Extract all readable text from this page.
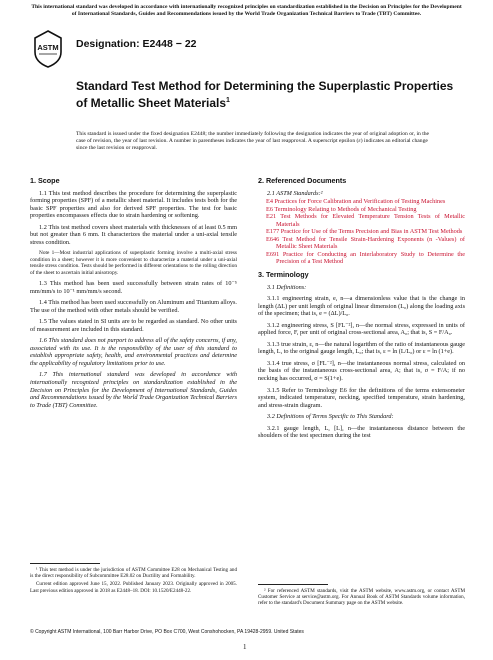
This international standard was developed in accordance with internationally recognized principles on standardization established in the Decision on Principles for the Development of International Standards, Guides and Recommendations issued by the World Trade Organization Technical Barriers to Trade (TBT) Committee.
ASTM Designation: E2448 − 22
Standard Test Method for Determining the Superplastic Properties of Metallic Sheet Materials$^1$
This standard is issued under the fixed designation E2448; the number immediately following the designation indicates the year of original adoption or, in the case of revision, the year of last revision. A number in parentheses indicates the year of last reapproval. A superscript epsilon (ε) indicates an editorial change since the last revision or reapproval.
1. Scope

1.1 This test method describes the procedure for determining the superplastic forming properties (SPF) of a metallic sheet material. It includes tests both for the basic SPF properties and also for derived SPF properties. The test for basic properties encompasses effects due to strain hardening or softening.

1.2 This test method covers sheet materials with thicknesses of at least 0.5 mm but not greater than 6 mm. It characterizes the material under a uni-axial tensile stress condition.

Note 1—Most industrial applications of superplastic forming involve a multi-axial stress condition in a sheet; however it is more convenient to characterize a material under a uni-axial tensile stress condition. Tests should be performed in different orientations to the rolling direction of the sheet to ascertain initial anisotropy.

1.3 This method has been used successfully between strain rates of 10⁻⁵ mm/mm/s to 10⁻¹ mm/mm/s second.

1.4 This method has been used successfully on Aluminum and Titanium alloys. The use of the method with other metals should be verified.

1.5 The values stated in SI units are to be regarded as standard. No other units of measurement are included in this standard.

1.6 This standard does not purport to address all of the safety concerns, if any, associated with its use. It is the responsibility of the user of this standard to establish appropriate safety, health, and environmental practices and determine the applicability of regulatory limitations prior to use.

1.7 This international standard was developed in accordance with internationally recognized principles on standardization established in the Decision on Principles for the Development of International Standards, Guides and Recommendations issued by the World Trade Organization Technical Barriers to Trade (TBT) Committee.

¹ This test method is under the jurisdiction of ASTM Committee E28 on Mechanical Testing and is the direct responsibility of Subcommittee E28.02 on Ductility and Formability.

Current edition approved June 15, 2022. Published January 2023. Originally approved in 2005. Last previous edition approved in 2018 as E2448–18. DOI: 10.1520/E2448-22.

2. Referenced Documents

2.1 ASTM Standards:²

E4 Practices for Force Calibration and Verification of Testing Machines
E6 Terminology Relating to Methods of Mechanical Testing
E21 Test Methods for Elevated Temperature Tension Tests of Metallic Materials
E177 Practice for Use of the Terms Precision and Bias in ASTM Test Methods
E646 Test Method for Tensile Strain-Hardening Exponents (n -Values) of Metallic Sheet Materials
E691 Practice for Conducting an Interlaboratory Study to Determine the Precision of a Test Method
3. Terminology

3.1 Definitions:

3.1.1 engineering strain, e, n—a dimensionless value that is the change in length (ΔL) per unit length of original linear dimension (L₀) along the loading axis of the specimen; that is, e = (ΔL)/L₀.

3.1.2 engineering stress, S [FL⁻²], n—the normal stress, expressed in units of applied force, F, per unit of original cross-sectional area, A₀; that is, S = F/A₀.

3.1.3 true strain, ε, n—the natural logarithm of the ratio of instantaneous gauge length, L, to the original gauge length, L₀; that is, ε = ln (L/L₀) or ε = ln (1+e).

3.1.4 true stress, σ [FL⁻²], n—the instantaneous normal stress, calculated on the basis of the instantaneous cross-sectional area, A; that is, σ = F/A; if no necking has occurred, σ = S(1+e).

3.1.5 Refer to Terminology E6 for the definitions of the terms extensometer system, indicated temperature, necking, specified temperature, strain hardening, and stress-strain diagram.

3.2 Definitions of Terms Specific to This Standard:

3.2.1 gauge length, L, [L], n—the instantaneous distance between the shoulders of the test specimen during the test

² For referenced ASTM standards, visit the ASTM website, www.astm.org, or contact ASTM Customer Service at service@astm.org. For Annual Book of ASTM Standards volume information, refer to the standard's Document Summary page on the ASTM website.

© Copyright ASTM International, 100 Barr Harbor Drive, PO Box C700, West Conshohocken, PA 19428-2959. United States
1
